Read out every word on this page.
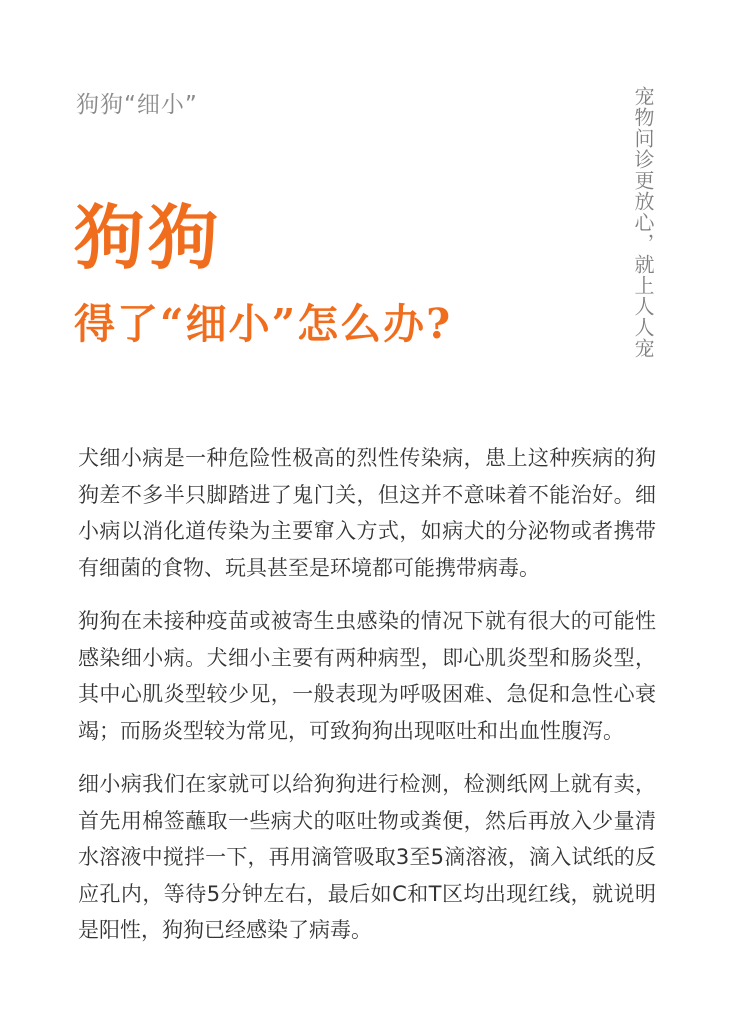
狗狗“细小”	宠物问诊更放心，就上人人宠

狗狗
得了“细小”怎么办?

犬细小病是一种危险性极高的烈性传染病，患上这种疾病的狗狗差不多半只脚踏进了鬼门关，但这并不意味着不能治好。细小病以消化道传染为主要窜入方式，如病犬的分泌物或者携带有细菌的食物、玩具甚至是环境都可能携带病毒。

狗狗在未接种疫苗或被寄生虫感染的情况下就有很大的可能性感染细小病。犬细小主要有两种病型，即心肌炎型和肠炎型，其中心肌炎型较少见，一般表现为呼吸困难、急促和急性心衰竭；而肠炎型较为常见，可致狗狗出现呕吐和出血性腹泻。

细小病我们在家就可以给狗狗进行检测，检测纸网上就有卖，首先用棉签蘸取一些病犬的呕吐物或粪便，然后再放入少量清水溶液中搅拌一下，再用滴管吸取3至5滴溶液，滴入试纸的反应孔内，等待5分钟左右，最后如C和T区均出现红线，就说明是阳性，狗狗已经感染了病毒。
